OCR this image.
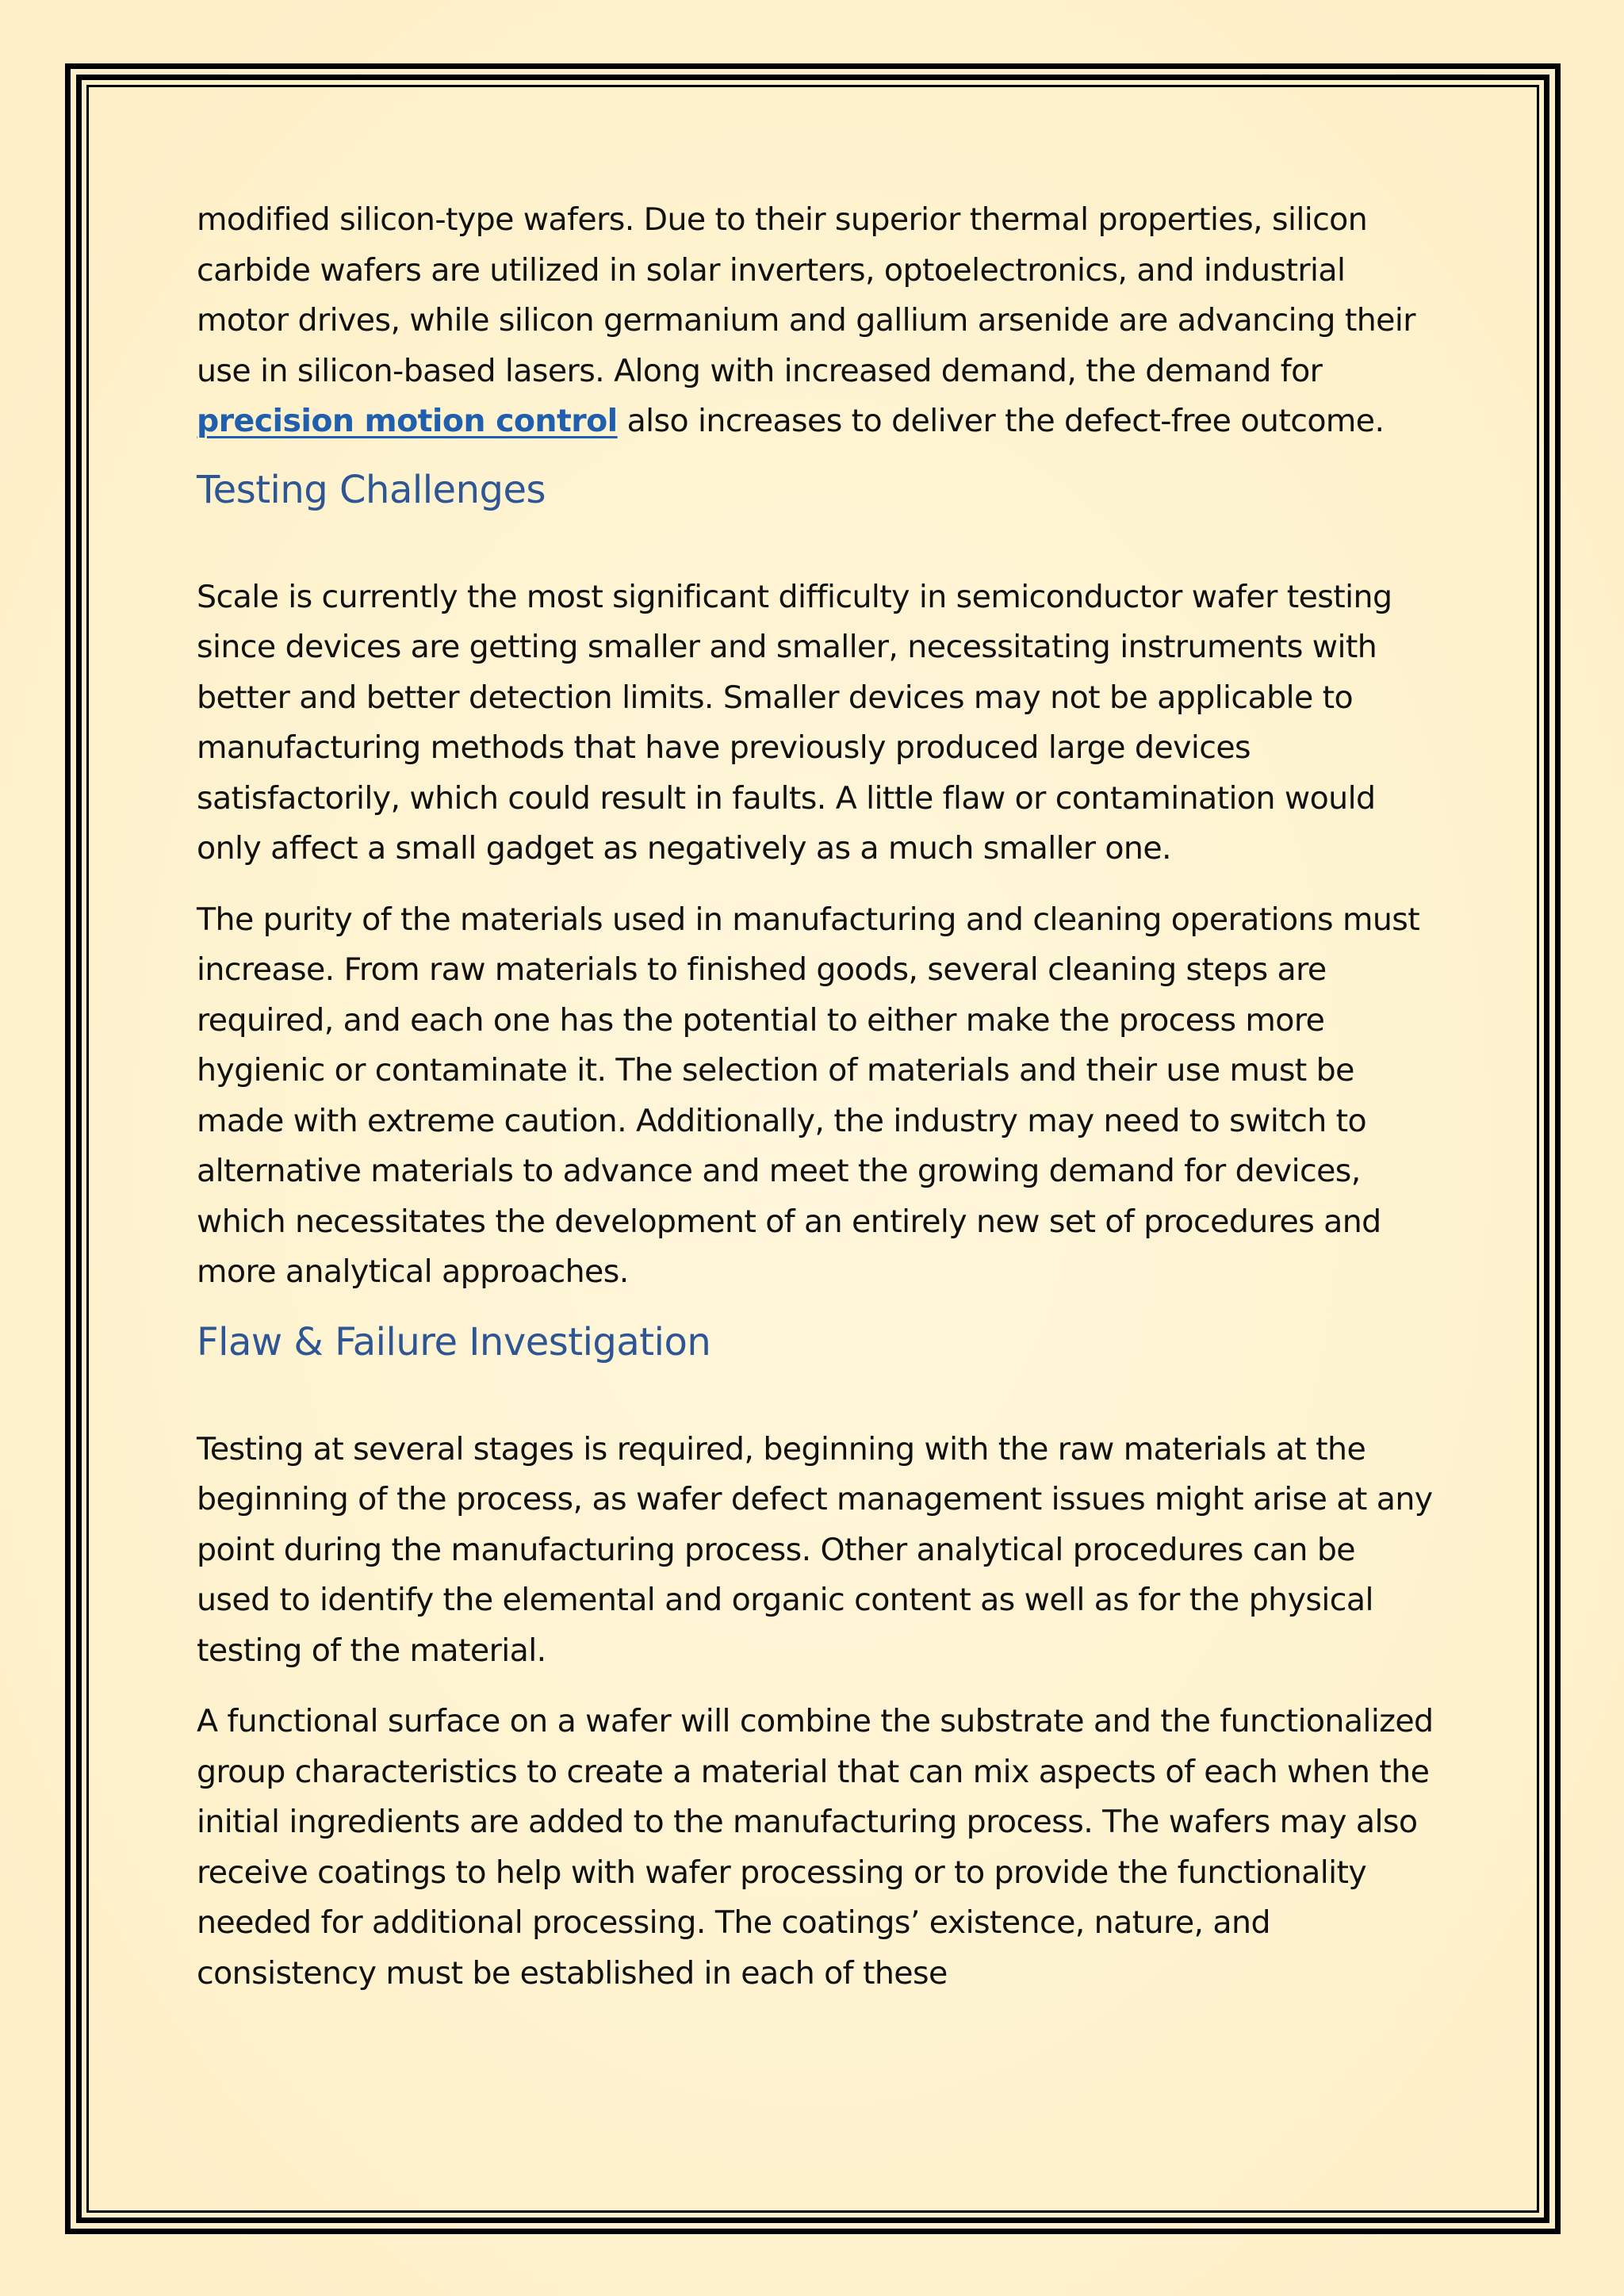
modified silicon-type wafers. Due to their superior thermal properties, silicon carbide wafers are utilized in solar inverters, optoelectronics, and industrial motor drives, while silicon germanium and gallium arsenide are advancing their use in silicon-based lasers. Along with increased demand, the demand for precision motion control also increases to deliver the defect-free outcome.

Testing Challenges

Scale is currently the most significant difficulty in semiconductor wafer testing since devices are getting smaller and smaller, necessitating instruments with better and better detection limits. Smaller devices may not be applicable to manufacturing methods that have previously produced large devices satisfactorily, which could result in faults. A little flaw or contamination would only affect a small gadget as negatively as a much smaller one.

The purity of the materials used in manufacturing and cleaning operations must increase. From raw materials to finished goods, several cleaning steps are required, and each one has the potential to either make the process more hygienic or contaminate it. The selection of materials and their use must be made with extreme caution. Additionally, the industry may need to switch to alternative materials to advance and meet the growing demand for devices, which necessitates the development of an entirely new set of procedures and more analytical approaches.

Flaw & Failure Investigation

Testing at several stages is required, beginning with the raw materials at the beginning of the process, as wafer defect management issues might arise at any point during the manufacturing process. Other analytical procedures can be used to identify the elemental and organic content as well as for the physical testing of the material.

A functional surface on a wafer will combine the substrate and the functionalized group characteristics to create a material that can mix aspects of each when the initial ingredients are added to the manufacturing process. The wafers may also receive coatings to help with wafer processing or to provide the functionality needed for additional processing. The coatings’ existence, nature, and consistency must be established in each of these
